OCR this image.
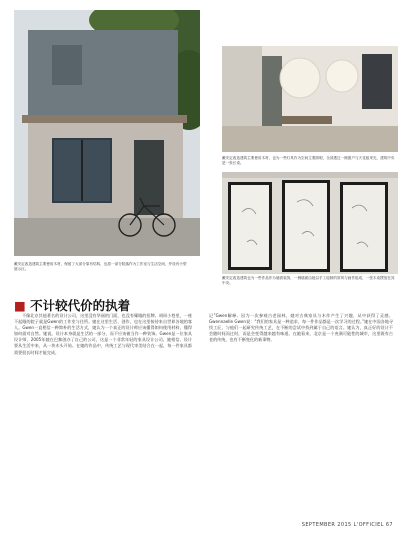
戴安定改造建筑主要使用木材，保留了大部分原有结构，也将一部分院落作为工作室与生活空间，并设有小型展示区。

戴安定改造建筑主要使用木材，也为一些灯具作为空间主要照明，全部透过一侧窗户与天花板采光，建筑中央是一张长桌。

戴安定改造建筑也为一些作品作为墙面装饰，一侧墙面由她以手工绘制的屏风与画作组成，一张木桌摆放在其中央。

■ 不计较代价的执着

不像北京其他著名的设计公司，这里没有华丽的门面，也没有耀眼的招牌。胡同小巷里，一座不起眼的院子就是Gwen的工作室与住所。她在这里生活、创作，也在这里接待来自世界各地的客人。Gwen一直相信一种简朴的生活方式，她认为一个真正的设计师应该懂得如何使用材料，懂得如何面对自然。她说，设计本身就是生活的一部分，而不应该被当作一种装饰。Gwen是一位家具设计师，2005年她在巴黎创办了自己的公司，这是一个非常年轻的家具设计公司。她相信，设计要从生活中来，从一块木头开始。在她的作品中，传统工艺与现代审美结合在一起，每一件家具都需要很长时间才能完成。

记”Gwen解释。因为一次参观古老园林，她对古典家具与木作产生了兴趣，从中获得了灵感。Gwennaelle Gwen说：“我们的家具是一种追求，每一件作品都是一次学习的过程。”她在中国各地寻找工匠，与他们一起研究传统工艺，在不断的尝试中找到属于自己的语言。她认为，真正好的设计不会随时间而过时，而是会变得越来越有味道。在她看来，北京是一个充满可能性的城市，这里既有古老的传统，也有不断变化的新事物。

SEPTEMBER 2015 L'OFFICIEL 67
